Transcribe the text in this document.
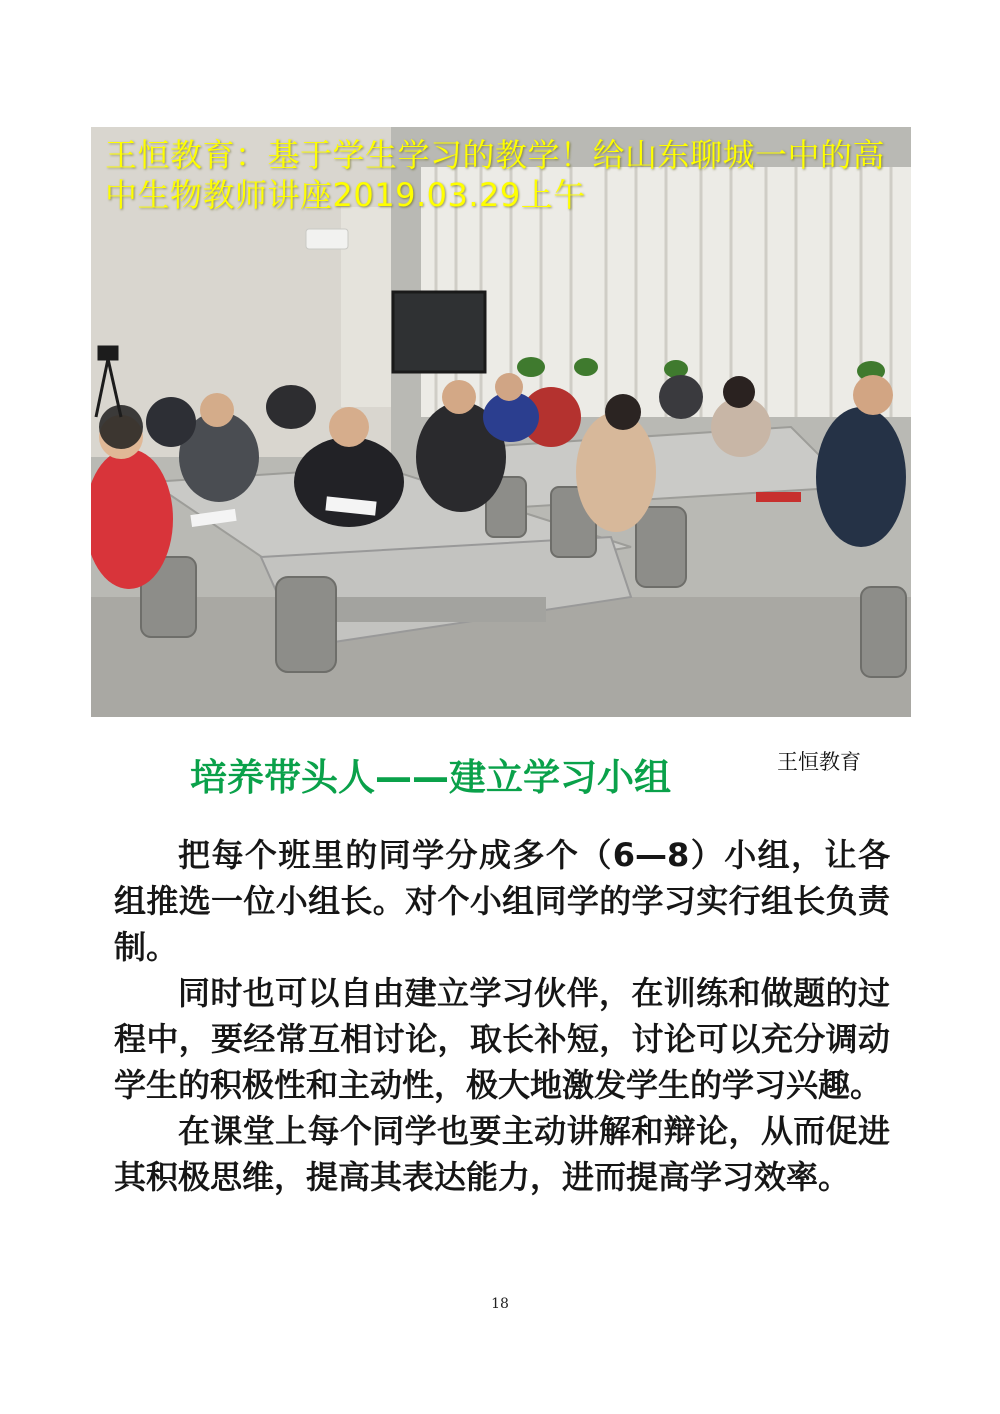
王恒教育：基于学生学习的教学！给山东聊城一中的高中生物教师讲座2019.03.29上午
培养带头人——建立学习小组	王恒教育

把每个班里的同学分成多个（6—8）小组，让各组推选一位小组长。对个小组同学的学习实行组长负责制。

同时也可以自由建立学习伙伴，在训练和做题的过程中，要经常互相讨论，取长补短，讨论可以充分调动学生的积极性和主动性，极大地激发学生的学习兴趣。

在课堂上每个同学也要主动讲解和辩论，从而促进其积极思维，提高其表达能力，进而提高学习效率。

18
